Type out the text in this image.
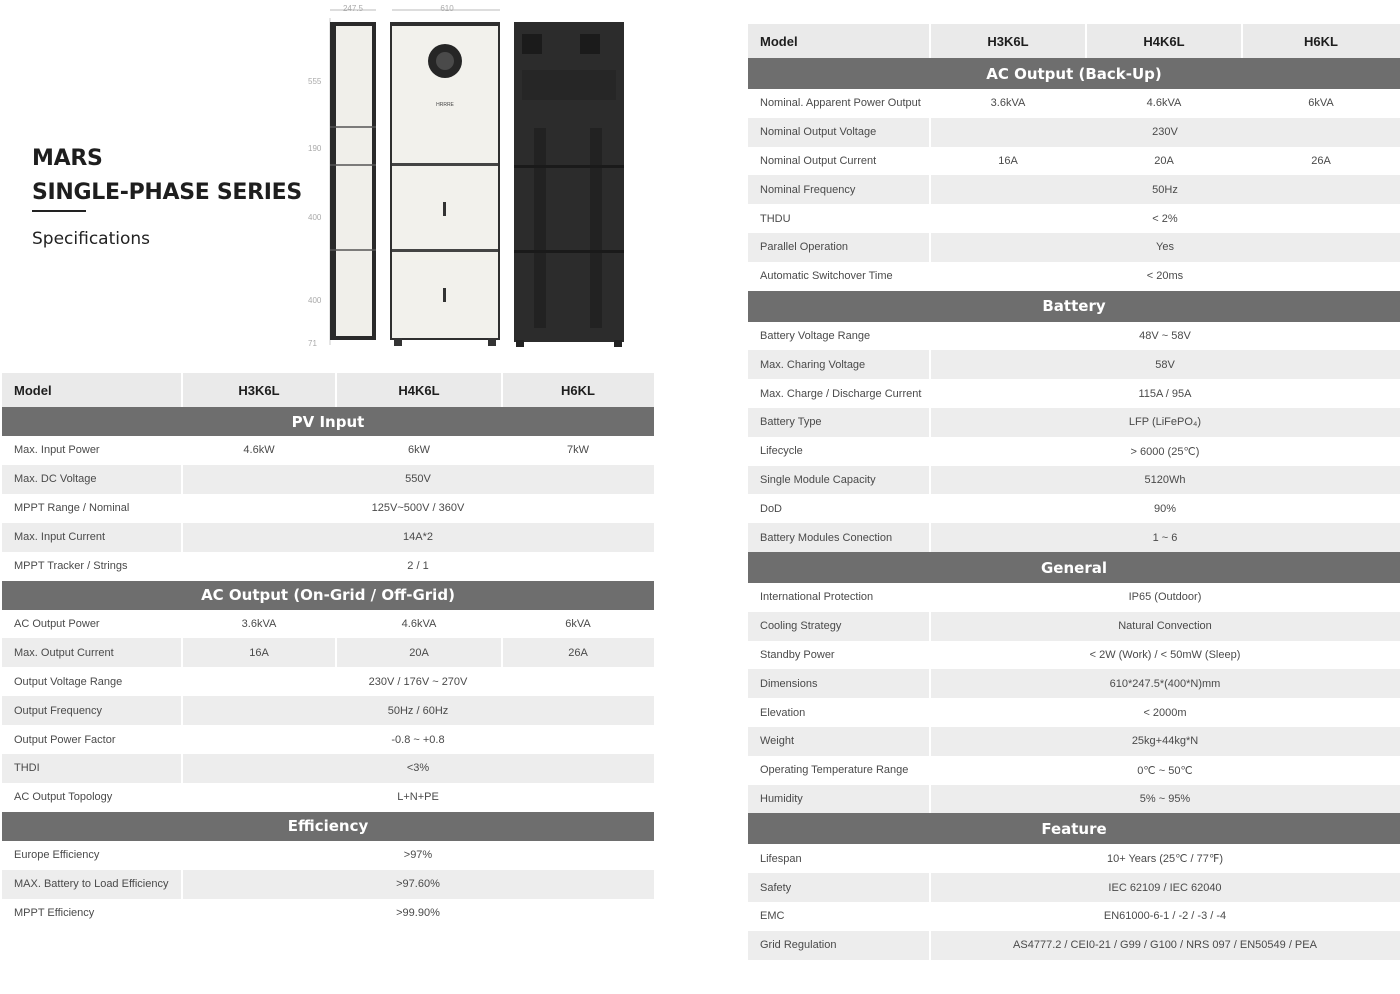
MARS
SINGLE-PHASE SERIES
Specifications
247.5	610
555
190
400
400
71
HRRRE
Model	H3K6L	H4K6L	H6KL
PV Input
Max. Input Power	4.6kW	6kW	7kW
Max. DC Voltage	550V
MPPT Range / Nominal	125V~500V / 360V
Max. Input Current	14A*2
MPPT Tracker / Strings	2 / 1
AC Output (On-Grid / Off-Grid)
AC Output Power	3.6kVA	4.6kVA	6kVA
Max. Output Current	16A	20A	26A
Output Voltage Range	230V / 176V ~ 270V
Output Frequency	50Hz / 60Hz
Output Power Factor	-0.8 ~ +0.8
THDI	<3%
AC Output Topology	L+N+PE
Efficiency
Europe Efficiency	>97%
MAX. Battery to Load Efficiency	>97.60%
MPPT Efficiency	>99.90%
Model	H3K6L	H4K6L	H6KL
AC Output (Back-Up)
Nominal. Apparent Power Output	3.6kVA	4.6kVA	6kVA
Nominal Output Voltage	230V
Nominal Output Current	16A	20A	26A
Nominal Frequency	50Hz
THDU	< 2%
Parallel Operation	Yes
Automatic Switchover Time	< 20ms
Battery
Battery Voltage Range	48V ~ 58V
Max. Charing Voltage	58V
Max. Charge / Discharge Current	115A / 95A
Battery Type	LFP (LiFePO₄)
Lifecycle	> 6000 (25℃)
Single Module Capacity	5120Wh
DoD	90%
Battery Modules Conection	1 ~ 6
General
International Protection	IP65 (Outdoor)
Cooling Strategy	Natural Convection
Standby Power	< 2W (Work) / < 50mW (Sleep)
Dimensions	610*247.5*(400*N)mm
Elevation	< 2000m
Weight	25kg+44kg*N
Operating Temperature Range	0℃ ~ 50℃
Humidity	5% ~ 95%
Feature
Lifespan	10+ Years (25℃ / 77℉)
Safety	IEC 62109 / IEC 62040
EMC	EN61000-6-1 / -2 / -3 / -4
Grid Regulation	AS4777.2 / CEI0-21 / G99 / G100 / NRS 097 / EN50549 / PEA
